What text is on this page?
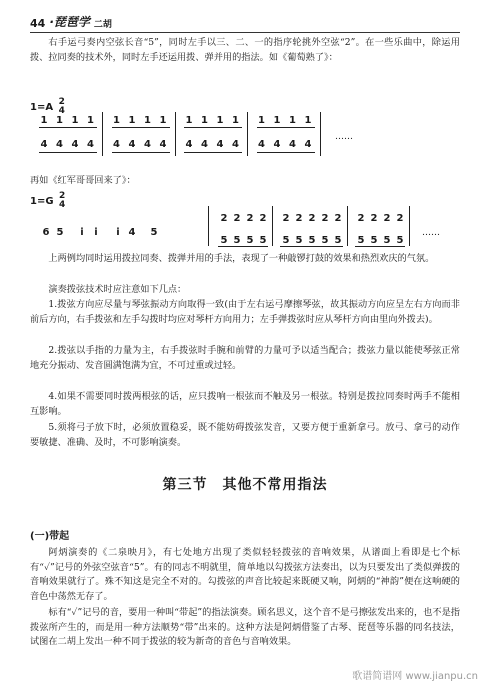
44 ·琵琶学 二胡
右手运弓奏内空弦长音“5”，同时左手以三、二、一的指序轮挑外空弦“2”。在一些乐曲中，除运用拨、拉同奏的技术外，同时左手还运用拨、弹并用的指法。如《葡萄熟了》：
1=A 2
4
1
4
1
4
1
4
1
4
1
4
1
4
1
4
1
4
1
4
1
4
1
4
1
4
1
4
1
4
1
4
1
4
……
再如《红军哥哥回来了》：
1=G 2
4
6 5	i	i	i 4 5
2
5
2
5
2
5
2
5
2
5
2
5
2
5
2
5
2
5
2
5
2
5
2
5
2
5
……
上两例均同时运用拨拉同奏、拨弹并用的手法，表现了一种敲锣打鼓的效果和热烈欢庆的气氛。
演奏拨弦技术时应注意如下几点：
1.拨弦方向应尽量与琴弦振动方向取得一致(由于左右运弓摩擦琴弦，故其振动方向应呈左右方向而非前后方向，右手拨弦和左手勾拨时均应对琴杆方向用力；左手弹拨弦时应从琴杆方向由里向外拨去)。
2.拨弦以手指的力量为主，右手拨弦时手腕和前臂的力量可予以适当配合；拨弦力量以能使琴弦正常地充分振动、发音圆满饱满为宜，不可过重或过轻。
4.如果不需要同时拨两根弦的话，应只拨响一根弦而不触及另一根弦。特别是拨拉同奏时两手不能相互影响。
5.须将弓子放下时，必须放置稳妥，既不能妨碍拨弦发音，又要方便于重新拿弓。放弓、拿弓的动作要敏捷、准确、及时，不可影响演奏。
第三节　其他不常用指法
(一)带起
阿炳演奏的《二泉映月》，有七处地方出现了类似轻轻拨弦的音响效果，从谱面上看即是七个标有“✓”记号的外弦空弦音“5”。有的同志不明就里，简单地以勾拨弦方法奏出，以为只要发出了类似弹拨的音响效果就行了。殊不知这是完全不对的。勾拨弦的声音比较起来既硬又响，阿炳的“神韵”便在这响硬的音色中荡然无存了。
标有“✓”记号的音，要用一种叫“带起”的指法演奏。顾名思义，这个音不是弓擦弦发出来的，也不是指拨弦所产生的，而是用一种方法顺势“带”出来的。这种方法是阿炳借鉴了古琴、琵琶等乐器的同名技法，试图在二胡上发出一种不同于拨弦的较为新奇的音色与音响效果。
歌谱简谱网 www.jianpu.cn
